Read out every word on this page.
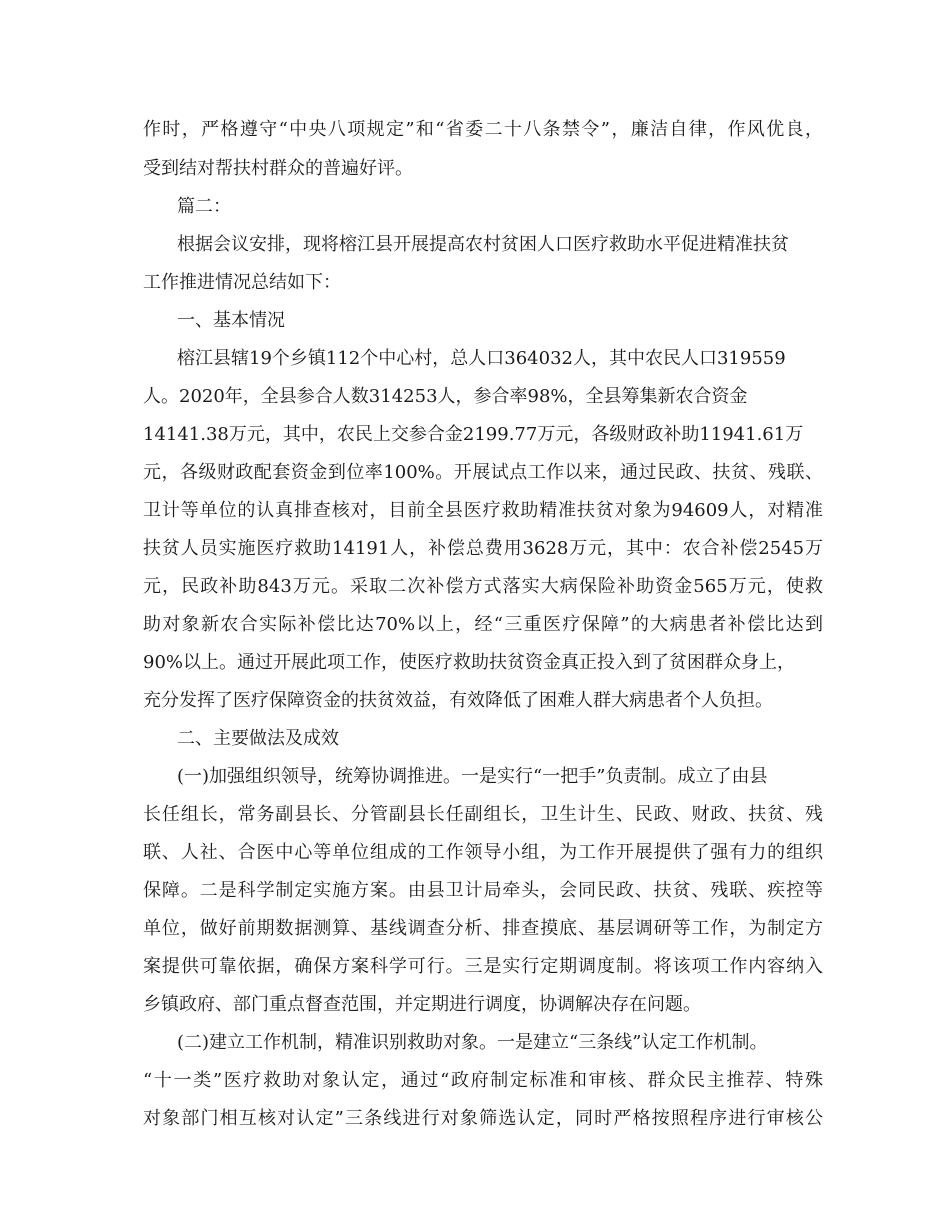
作时，严格遵守“中央八项规定”和“省委二十八条禁令”，廉洁自律，作风优良，
受到结对帮扶村群众的普遍好评。
篇二：
根据会议安排，现将榕江县开展提高农村贫困人口医疗救助水平促进精准扶贫
工作推进情况总结如下：
一、基本情况
榕江县辖19个乡镇112个中心村，总人口364032人，其中农民人口319559
人。2020年，全县参合人数314253人，参合率98%，全县筹集新农合资金
14141.38万元，其中，农民上交参合金2199.77万元，各级财政补助11941.61万
元，各级财政配套资金到位率100%。开展试点工作以来，通过民政、扶贫、残联、
卫计等单位的认真排查核对，目前全县医疗救助精准扶贫对象为94609人，对精准
扶贫人员实施医疗救助14191人，补偿总费用3628万元，其中：农合补偿2545万
元，民政补助843万元。采取二次补偿方式落实大病保险补助资金565万元，使救
助对象新农合实际补偿比达70%以上，经“三重医疗保障”的大病患者补偿比达到
90%以上。通过开展此项工作，使医疗救助扶贫资金真正投入到了贫困群众身上，
充分发挥了医疗保障资金的扶贫效益，有效降低了困难人群大病患者个人负担。
二、主要做法及成效
(一)加强组织领导，统筹协调推进。一是实行“一把手”负责制。成立了由县
长任组长，常务副县长、分管副县长任副组长，卫生计生、民政、财政、扶贫、残
联、人社、合医中心等单位组成的工作领导小组，为工作开展提供了强有力的组织
保障。二是科学制定实施方案。由县卫计局牵头，会同民政、扶贫、残联、疾控等
单位，做好前期数据测算、基线调查分析、排查摸底、基层调研等工作，为制定方
案提供可靠依据，确保方案科学可行。三是实行定期调度制。将该项工作内容纳入
乡镇政府、部门重点督查范围，并定期进行调度，协调解决存在问题。
(二)建立工作机制，精准识别救助对象。一是建立“三条线”认定工作机制。
“十一类”医疗救助对象认定，通过“政府制定标准和审核、群众民主推荐、特殊
对象部门相互核对认定”三条线进行对象筛选认定，同时严格按照程序进行审核公
